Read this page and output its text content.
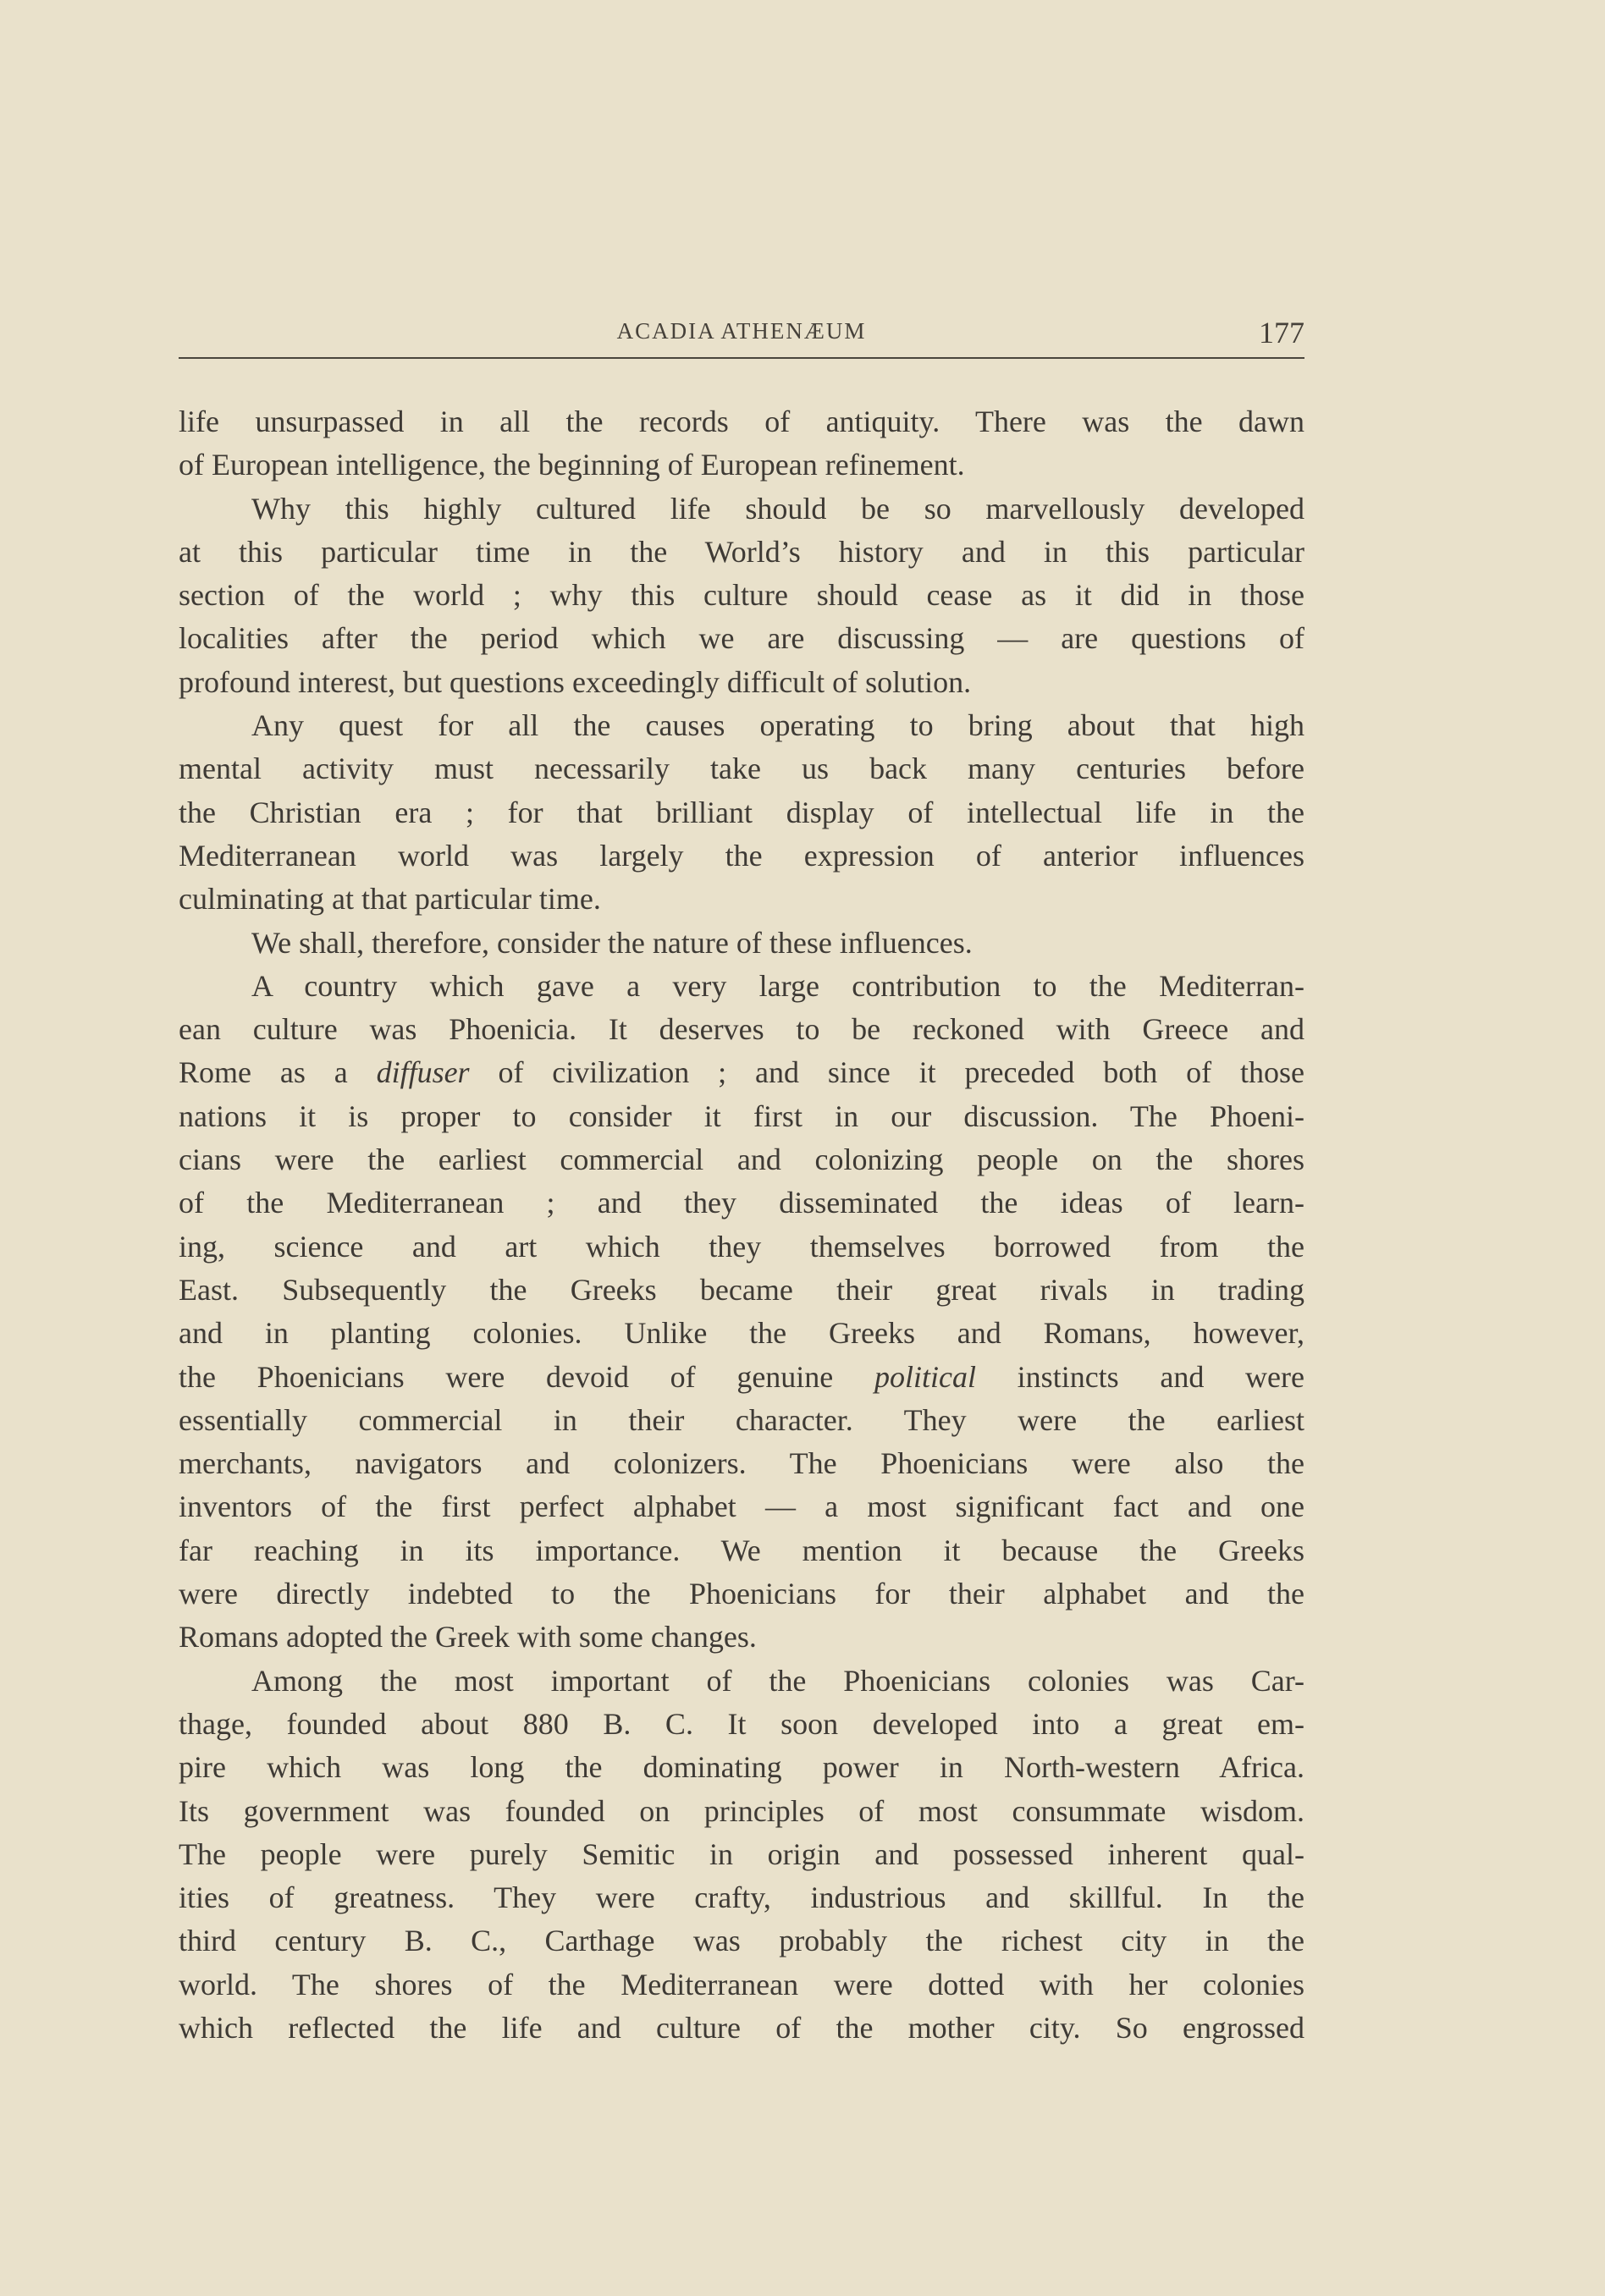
ACADIA ATHENÆUM	177
life unsurpassed in all the records of antiquity. There was the dawn
of European intelligence, the beginning of European refinement.
Why this highly cultured life should be so marvellously developed
at this particular time in the World’s history and in this particular
section of the world ; why this culture should cease as it did in those
localities after the period which we are discussing — are questions of
profound interest, but questions exceedingly difficult of solution.
Any quest for all the causes operating to bring about that high
mental activity must necessarily take us back many centuries before
the Christian era ; for that brilliant display of intellectual life in the
Mediterranean world was largely the expression of anterior influences
culminating at that particular time.
We shall, therefore, consider the nature of these influences.
A country which gave a very large contribution to the Mediterran-
ean culture was Phoenicia. It deserves to be reckoned with Greece and
Rome as a diffuser of civilization ; and since it preceded both of those
nations it is proper to consider it first in our discussion. The Phoeni-
cians were the earliest commercial and colonizing people on the shores
of the Mediterranean ; and they disseminated the ideas of learn-
ing, science and art which they themselves borrowed from the
East. Subsequently the Greeks became their great rivals in trading
and in planting colonies. Unlike the Greeks and Romans, however,
the Phoenicians were devoid of genuine political instincts and were
essentially commercial in their character. They were the earliest
merchants, navigators and colonizers. The Phoenicians were also the
inventors of the first perfect alphabet — a most significant fact and one
far reaching in its importance. We mention it because the Greeks
were directly indebted to the Phoenicians for their alphabet and the
Romans adopted the Greek with some changes.
Among the most important of the Phoenicians colonies was Car-
thage, founded about 880 B. C. It soon developed into a great em-
pire which was long the dominating power in North-western Africa.
Its government was founded on principles of most consummate wisdom.
The people were purely Semitic in origin and possessed inherent qual-
ities of greatness. They were crafty, industrious and skillful. In the
third century B. C., Carthage was probably the richest city in the
world. The shores of the Mediterranean were dotted with her colonies
which reflected the life and culture of the mother city. So engrossed
